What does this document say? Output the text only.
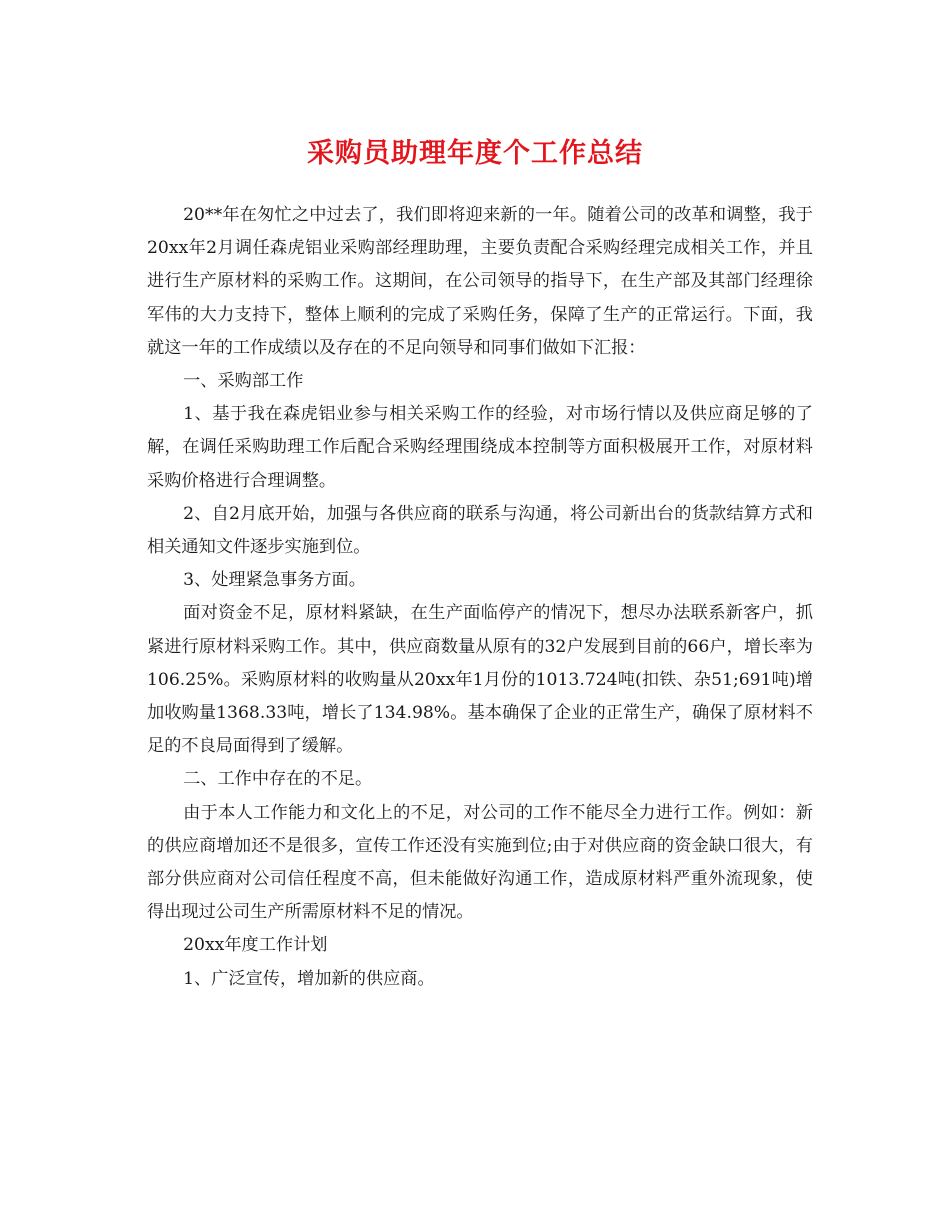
采购员助理年度个工作总结

20**年在匆忙之中过去了，我们即将迎来新的一年。随着公司的改革和调整，我于20xx年2月调任森虎铝业采购部经理助理，主要负责配合采购经理完成相关工作，并且进行生产原材料的采购工作。这期间，在公司领导的指导下，在生产部及其部门经理徐军伟的大力支持下，整体上顺利的完成了采购任务，保障了生产的正常运行。下面，我就这一年的工作成绩以及存在的不足向领导和同事们做如下汇报：

一、采购部工作

1、基于我在森虎铝业参与相关采购工作的经验，对市场行情以及供应商足够的了解，在调任采购助理工作后配合采购经理围绕成本控制等方面积极展开工作，对原材料采购价格进行合理调整。

2、自2月底开始，加强与各供应商的联系与沟通，将公司新出台的货款结算方式和相关通知文件逐步实施到位。

3、处理紧急事务方面。

面对资金不足，原材料紧缺，在生产面临停产的情况下，想尽办法联系新客户，抓紧进行原材料采购工作。其中，供应商数量从原有的32户发展到目前的66户，增长率为106.25%。采购原材料的收购量从20xx年1月份的1013.724吨(扣铁、杂51;691吨)增加收购量1368.33吨，增长了134.98%。基本确保了企业的正常生产，确保了原材料不足的不良局面得到了缓解。

二、工作中存在的不足。

由于本人工作能力和文化上的不足，对公司的工作不能尽全力进行工作。例如：新的供应商增加还不是很多，宣传工作还没有实施到位;由于对供应商的资金缺口很大，有部分供应商对公司信任程度不高，但未能做好沟通工作，造成原材料严重外流现象，使得出现过公司生产所需原材料不足的情况。

20xx年度工作计划

1、广泛宣传，增加新的供应商。
